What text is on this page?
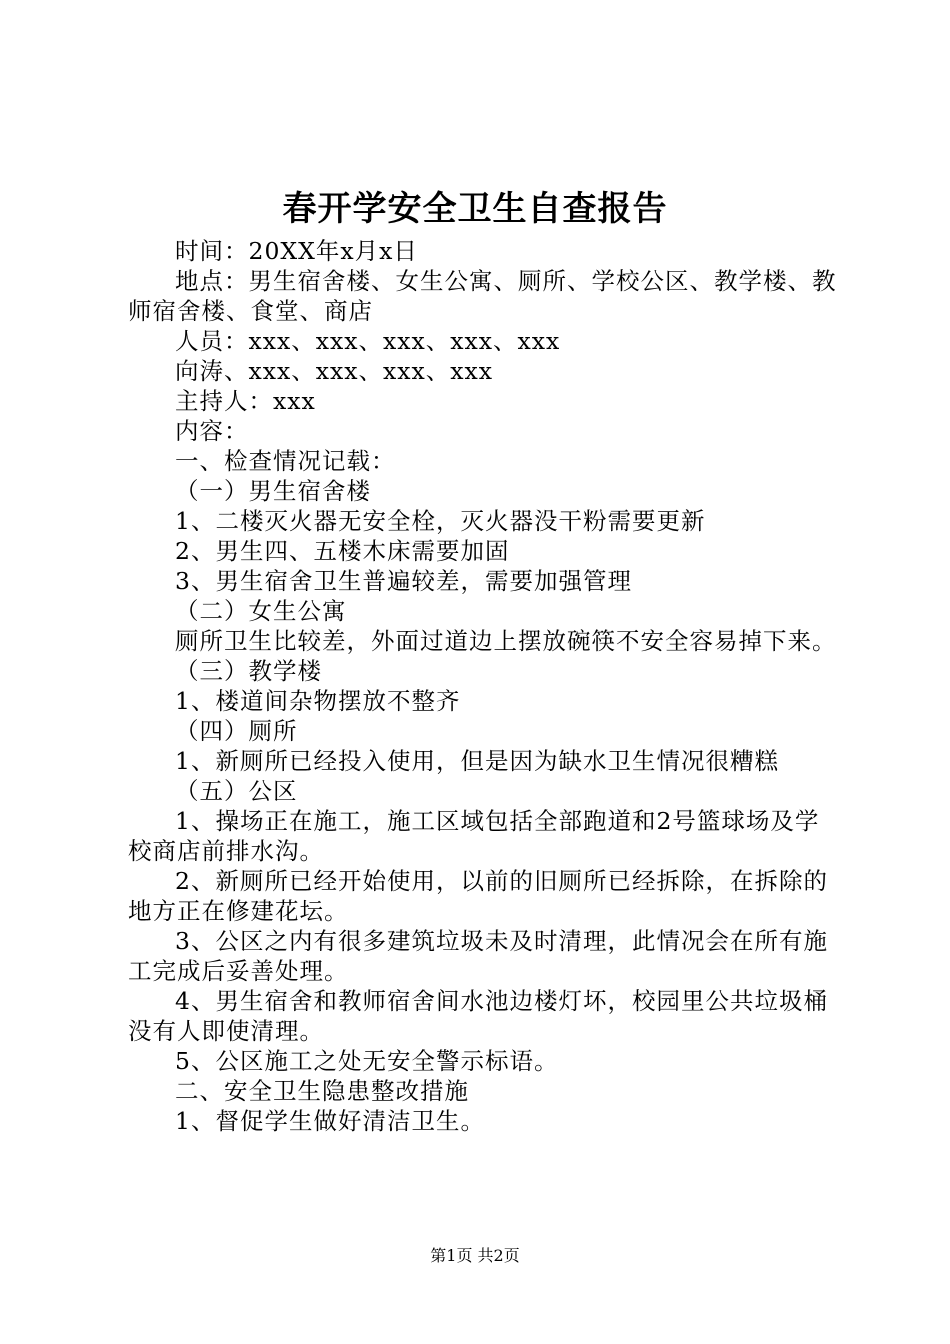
春开学安全卫生自查报告

时间：20XX年x月x日

地点：男生宿舍楼、女生公寓、厕所、学校公区、教学楼、教师宿舍楼、食堂、商店

人员：xxx、xxx、xxx、xxx、xxx

向涛、xxx、xxx、xxx、xxx

主持人：xxx

内容：

一、检查情况记载：

（一）男生宿舍楼

1、二楼灭火器无安全栓，灭火器没干粉需要更新

2、男生四、五楼木床需要加固

3、男生宿舍卫生普遍较差，需要加强管理

（二）女生公寓

厕所卫生比较差，外面过道边上摆放碗筷不安全容易掉下来。

（三）教学楼

1、楼道间杂物摆放不整齐

（四）厕所

1、新厕所已经投入使用，但是因为缺水卫生情况很糟糕

（五）公区

1、操场正在施工，施工区域包括全部跑道和2号篮球场及学校商店前排水沟。

2、新厕所已经开始使用，以前的旧厕所已经拆除，在拆除的地方正在修建花坛。

3、公区之内有很多建筑垃圾未及时清理，此情况会在所有施工完成后妥善处理。

4、男生宿舍和教师宿舍间水池边楼灯坏，校园里公共垃圾桶没有人即使清理。

5、公区施工之处无安全警示标语。

二、安全卫生隐患整改措施

1、督促学生做好清洁卫生。

第1页 共2页
